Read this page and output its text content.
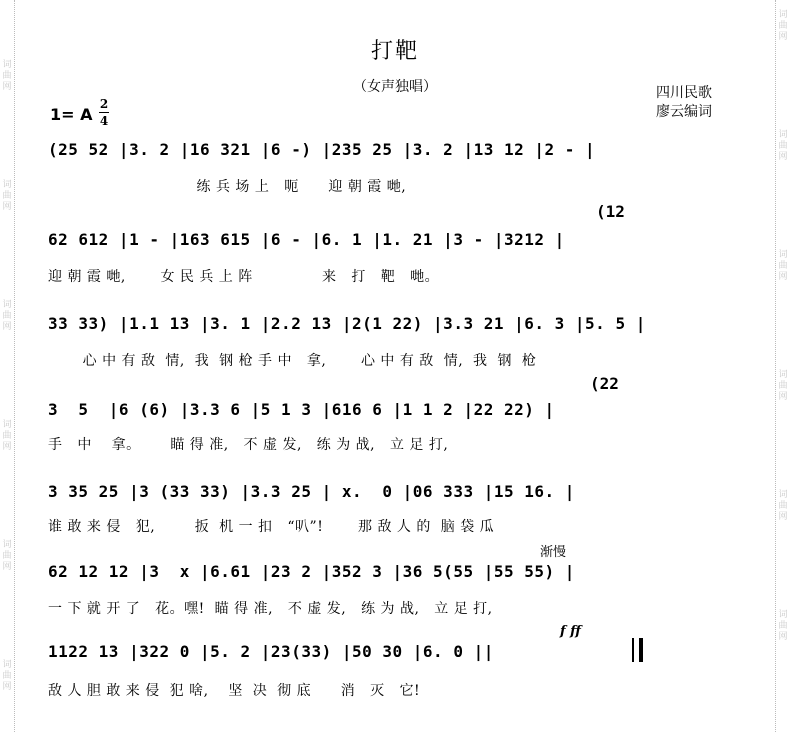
词曲网
词曲网
词曲网
词曲网
词曲网
词曲网
词曲网
词曲网
词曲网
词曲网
词曲网
词曲网
打靶
（女声独唱）	四川民歌
廖云编词
1= A
2
4
(25 52 |3. 2 |16 321 |6 -) |235 25 |3. 2 |13 12 |2 - |
练 兵 场 上   呃      迎 朝 霞 哋,
(12
62 612 |1 - |163 615 |6 - |6. 1 |1. 21 |3 - |3212 |
迎 朝 霞 哋,       女 民 兵 上 阵              来   打   靶   哋。
33 33) |1.1 13 |3. 1 |2.2 13 |2(1 22) |3.3 21 |6. 3 |5. 5 |
心 中 有 敌  情,  我  钢 枪 手 中   拿,       心 中 有 敌  情,  我  钢  枪
(22
3  5  |6 (6) |3.3 6 |5 1 3 |616 6 |1 1 2 |22 22) |
手   中    拿。      瞄 得 准,   不 虚 发,   练 为 战,   立 足 打,
3 35 25 |3 (33 33) |3.3 25 | x.  0 |06 333 |15 16. |
谁 敢 来 侵   犯,        扳  机 一 扣   “叭”!       那 敌 人 的  脑 袋 瓜
渐慢
62 12 12 |3  x |6.61 |23 2 |352 3 |36 5(55 |55 55) |
一 下 就 开 了   花。嘿!  瞄 得 准,   不 虚 发,   练 为 战,   立 足 打,
f ff
1122 13 |322 0 |5. 2 |23(33) |50 30 |6. 0 ||
敌 人 胆 敢 来 侵  犯 啥,    坚  决  彻 底      消   灭   它!
